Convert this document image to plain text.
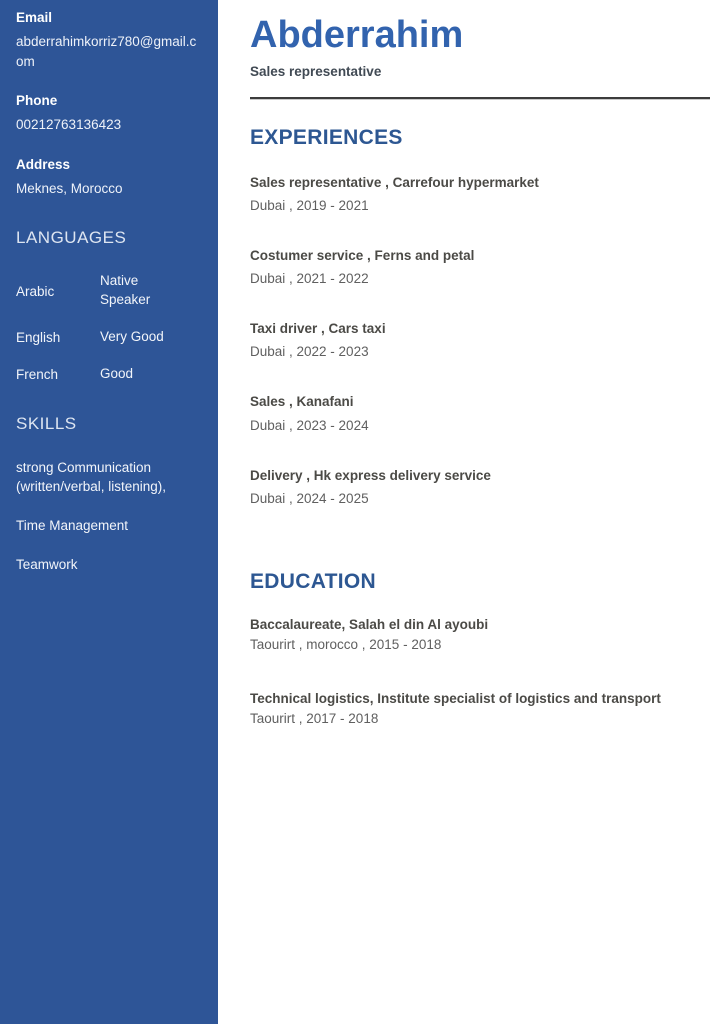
Email
abderrahimkorriz780@gmail.com
Phone
00212763136423
Address
Meknes, Morocco
LANGUAGES
Arabic
Native Speaker
English	Very Good
French	Good
SKILLS

strong Communication (written/verbal, listening),

Time Management

Teamwork

Abderrahim
Sales representative
EXPERIENCES
Sales representative , Carrefour hypermarket
Dubai , 2019 - 2021
Costumer service , Ferns and petal
Dubai , 2021 - 2022
Taxi driver , Cars taxi
Dubai , 2022 - 2023
Sales , Kanafani
Dubai , 2023 - 2024
Delivery , Hk express delivery service
Dubai , 2024 - 2025
EDUCATION
Baccalaureate, Salah el din Al ayoubi
Taourirt , morocco , 2015 - 2018
Technical logistics, Institute specialist of logistics and transport
Taourirt , 2017 - 2018
